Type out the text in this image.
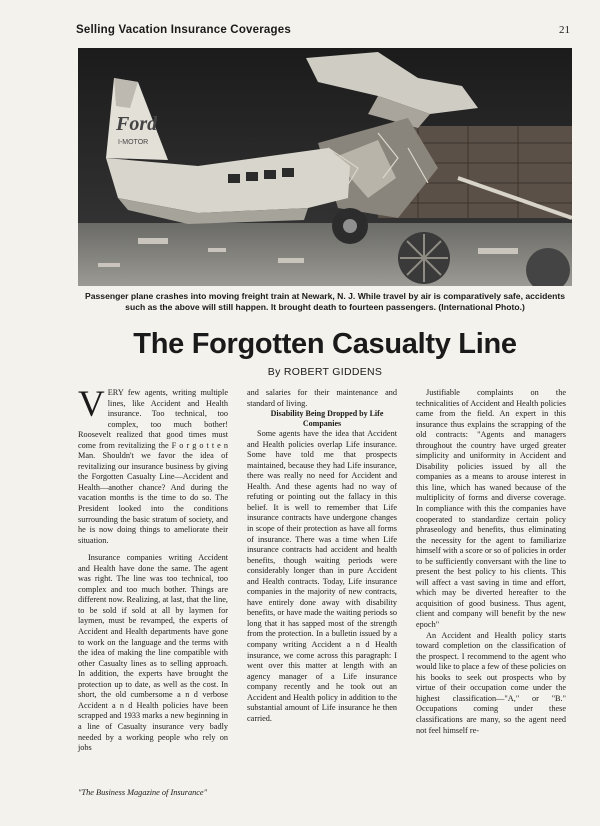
Selling Vacation Insurance Coverages	21
Ford
I-MOTOR
Passenger plane crashes into moving freight train at Newark, N. J. While travel by air is comparatively safe, accidents such as the above will still happen. It brought death to fourteen passengers. (International Photo.)
The Forgotten Casualty Line
By ROBERT GIDDENS

VERY few agents, writing multiple lines, like Accident and Health insurance. Too technical, too complex, too much bother! Roosevelt realized that good times must come from revitalizing the F o r g o t t e n Man. Shouldn't we favor the idea of revitalizing our insurance business by giving the Forgotten Casualty Line—Accident and Health—another chance? And during the vacation months is the time to do so. The President looked into the conditions surrounding the basic stratum of society, and he is now doing things to ameliorate their situation.

Insurance companies writing Accident and Health have done the same. The agent was right. The line was too technical, too complex and too much bother. Things are different now. Realizing, at last, that the line, to be sold if sold at all by laymen for laymen, must be revamped, the experts of Accident and Health departments have gone to work on the language and the terms with the idea of making the line compatible with other Casualty lines as to selling approach. In addition, the experts have brought the protection up to date, as well as the cost. In short, the old cumbersome a n d verbose Accident a n d Health policies have been scrapped and 1933 marks a new beginning in a line of Casualty insurance very badly needed by a working people who rely on jobs

and salaries for their maintenance and standard of living.

Disability Being Dropped by Life Companies

Some agents have the idea that Accident and Health policies overlap Life insurance. Some have told me that prospects maintained, because they had Life insurance, there was really no need for Accident and Health. And these agents had no way of refuting or pointing out the fallacy in this belief. It is well to remember that Life insurance contracts have undergone changes in scope of their protection as have all forms of insurance. There was a time when Life insurance contracts had accident and health benefits, though waiting periods were considerably longer than in pure Accident and Health contracts. Today, Life insurance companies in the majority of new contracts, have entirely done away with disability benefits, or have made the waiting periods so long that it has sapped most of the strength from the protection. In a bulletin issued by a company writing Accident a n d Health insurance, we come across this paragraph: I went over this matter at length with an agency manager of a Life insurance company recently and he took out an Accident and Health policy in addition to the substantial amount of Life insurance he then carried.

Justifiable complaints on the technicalities of Accident and Health policies came from the field. An expert in this insurance thus explains the scrapping of the old contracts: "Agents and managers throughout the country have urged greater simplicity and uniformity in Accident and Disability policies issued by all the companies as a means to arouse interest in this line, which has waned because of the multiplicity of forms and diverse coverage. In compliance with this the companies have cooperated to standardize certain policy phraseology and benefits, thus eliminating the necessity for the agent to familiarize himself with a score or so of policies in order to be sufficiently conversant with the line to present the best policy to his clients. This will affect a vast saving in time and effort, which may be diverted hereafter to the acquisition of good business. Thus agent, client and company will benefit by the new epoch"

An Accident and Health policy starts toward completion on the classification of the prospect. I recommend to the agent who would like to place a few of these policies on his books to seek out prospects who by virtue of their occupation come under the highest classification—"A," or "B." Occupations coming under these classifications are many, so the agent need not feel himself re-

"The Business Magazine of Insurance"
